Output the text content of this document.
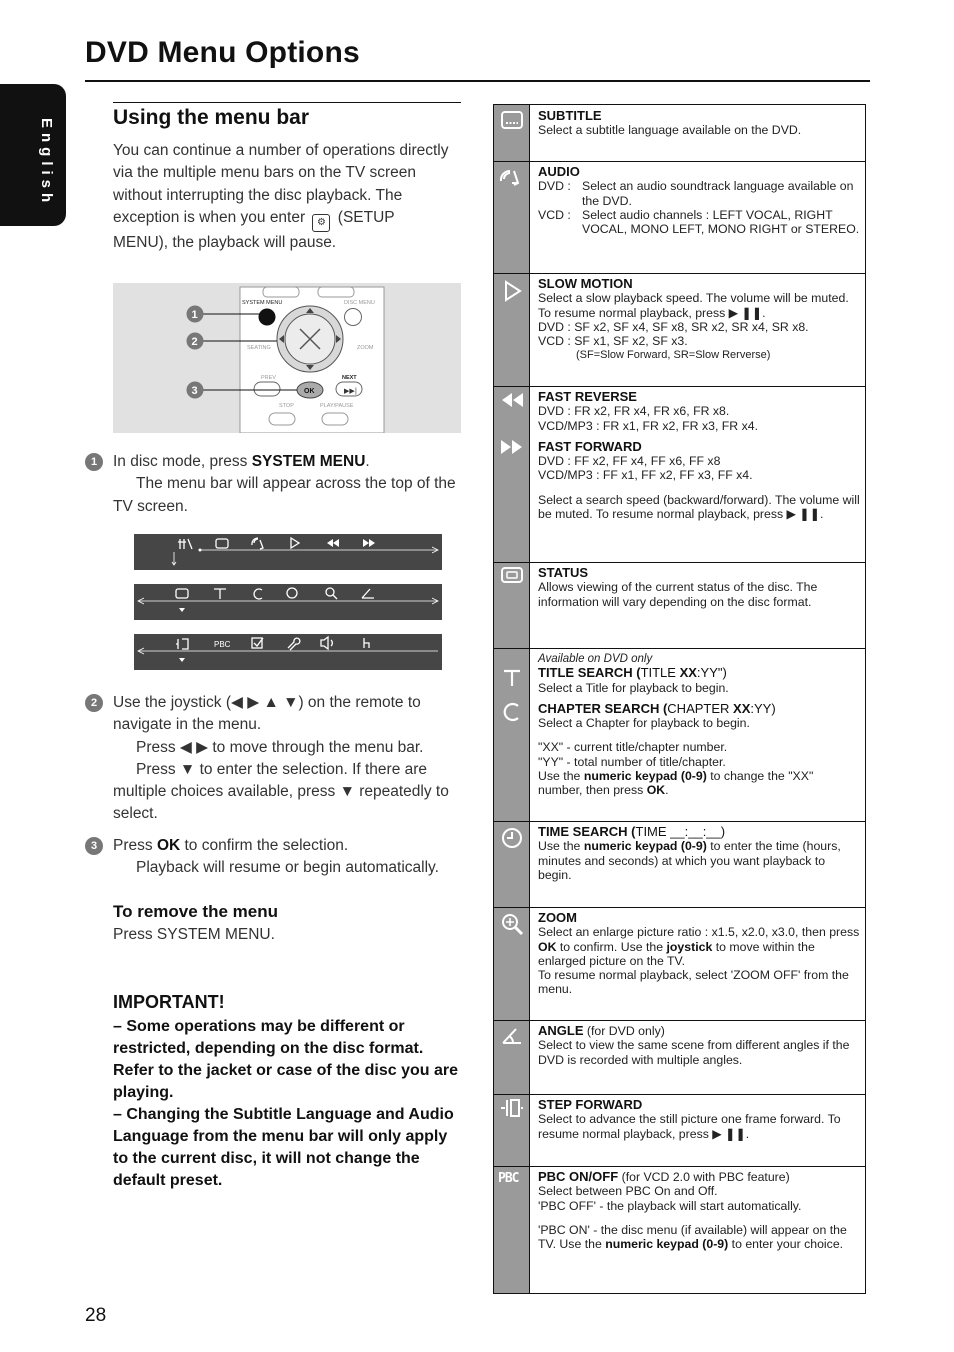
DVD Menu Options
English
Using the menu bar
You can continue a number of operations directly via the multiple menu bars on the TV screen without interrupting the disc playback. The exception is when you enter ⚙ (SETUP MENU), the playback will pause.
SYSTEM MENU	DISC MENU
SEATING	ZOOM
PREV	NEXT
▶▶|
OK
STOP	PLAY/PAUSE
1
2
3
1	In disc mode, press SYSTEM MENU.
The menu bar will appear across the top of the TV screen.
PBC
2	Use the joystick (◀ ▶ ▲ ▼) on the remote to navigate in the menu.
Press ◀ ▶ to move through the menu bar.
Press ▼ to enter the selection. If there are multiple choices available, press ▼ repeatedly to select.
3	Press OK to confirm the selection.
Playback will resume or begin automatically.
To remove the menu
Press SYSTEM MENU.
IMPORTANT!

– Some operations may be different or restricted, depending on the disc format. Refer to the jacket or case of the disc you are playing.

– Changing the Subtitle Language and Audio Language from the menu bar will only apply to the current disc, it will not change the default preset.

28
SUBTITLE
Select a subtitle language available on the DVD.
AUDIO
DVD : Select an audio soundtrack language available on the DVD.
VCD : Select audio channels : LEFT VOCAL, RIGHT VOCAL, MONO LEFT, MONO RIGHT or STEREO.
SLOW MOTION
Select a slow playback speed. The volume will be muted. To resume normal playback, press ▶ ❚❚.
DVD : SF x2, SF x4, SF x8, SR x2, SR x4, SR x8.
VCD : SF x1, SF x2, SF x3.
(SF=Slow Forward, SR=Slow Rerverse)
FAST REVERSE
DVD : FR x2, FR x4, FR x6, FR x8.
VCD/MP3 : FR x1, FR x2, FR x3, FR x4.
FAST FORWARD
DVD : FF x2, FF x4, FF x6, FF x8
VCD/MP3 : FF x1, FF x2, FF x3, FF x4.
Select a search speed (backward/forward). The volume will be muted. To resume normal playback, press ▶ ❚❚.
STATUS
Allows viewing of the current status of the disc. The information will vary depending on the disc format.
Available on DVD only
TITLE SEARCH (TITLE XX:YY")
Select a Title for playback to begin.
CHAPTER SEARCH (CHAPTER XX:YY)
Select a Chapter for playback to begin.
"XX" - current title/chapter number.
"YY" - total number of title/chapter.
Use the numeric keypad (0-9) to change the "XX" number, then press OK.
TIME SEARCH (TIME __:__:__)
Use the numeric keypad (0-9) to enter the time (hours, minutes and seconds) at which you want playback to begin.
ZOOM
Select an enlarge picture ratio : x1.5, x2.0, x3.0, then press OK to confirm. Use the joystick to move within the enlarged picture on the TV.
To resume normal playback, select 'ZOOM OFF' from the menu.
ANGLE (for DVD only)
Select to view the same scene from different angles if the DVD is recorded with multiple angles.
STEP FORWARD
Select to advance the still picture one frame forward. To resume normal playback, press ▶ ❚❚.
PBC	PBC ON/OFF (for VCD 2.0 with PBC feature)
Select between PBC On and Off.
'PBC OFF' - the playback will start automatically.
'PBC ON' - the disc menu (if available) will appear on the TV. Use the numeric keypad (0-9) to enter your choice.
